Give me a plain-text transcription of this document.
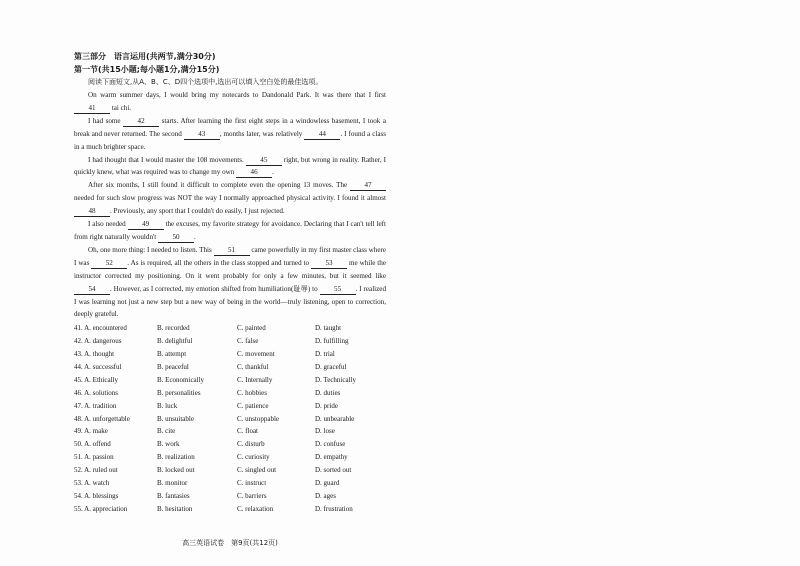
第三部分　语言运用(共两节,满分30分)
第一节(共15小题;每小题1分,满分15分)
阅读下面短文,从A、B、C、D四个选项中,选出可以填入空白处的最佳选项。
On warm summer days, I would bring my notecards to Dandonald Park. It was there that I first 41 tai chi.
I had some 42 starts. After learning the first eight steps in a windowless basement, I took a break and never returned. The second 43 , months later, was relatively 44 . I found a class in a much brighter space.
I had thought that I would master the 108 movements. 45 right, but wrong in reality. Rather, I quickly knew, what was required was to change my own 46 .
After six months, I still found it difficult to complete even the opening 13 moves. The 47 needed for such slow progress was NOT the way I normally approached physical activity. I found it almost 48 . Previously, any sport that I couldn't do easily, I just rejected.
I also needed 49 the excuses, my favorite strategy for avoidance. Declaring that I can't tell left from right naturally wouldn't 50 .
Oh, one more thing: I needed to listen. This 51 came powerfully in my first master class where I was 52 . As is required, all the others in the class stopped and turned to 53 me while the instructor corrected my positioning. On it went probably for only a few minutes, but it seemed like 54 . However, as I corrected, my emotion shifted from humiliation(耻辱) to 55 . I realized I was learning not just a new step but a new way of being in the world—truly listening, open to correction, deeply grateful.
41. A. encountered	B. recorded	C. painted	D. taught
42. A. dangerous	B. delightful	C. false	D. fulfilling
43. A. thought	B. attempt	C. movement	D. trial
44. A. successful	B. peaceful	C. thankful	D. graceful
45. A. Ethically	B. Economically	C. Internally	D. Technically
46. A. solutions	B. personalities	C. hobbies	D. duties
47. A. tradition	B. luck	C. patience	D. pride
48. A. unforgettable	B. unsuitable	C. unstoppable	D. unbearable
49. A. make	B. cite	C. float	D. lose
50. A. offend	B. work	C. disturb	D. confuse
51. A. passion	B. realization	C. curiosity	D. empathy
52. A. ruled out	B. locked out	C. singled out	D. sorted out
53. A. watch	B. monitor	C. instruct	D. guard
54. A. blessings	B. fantasies	C. barriers	D. ages
55. A. appreciation	B. hesitation	C. relaxation	D. frustration
高三英语试卷　第9页(共12页)
